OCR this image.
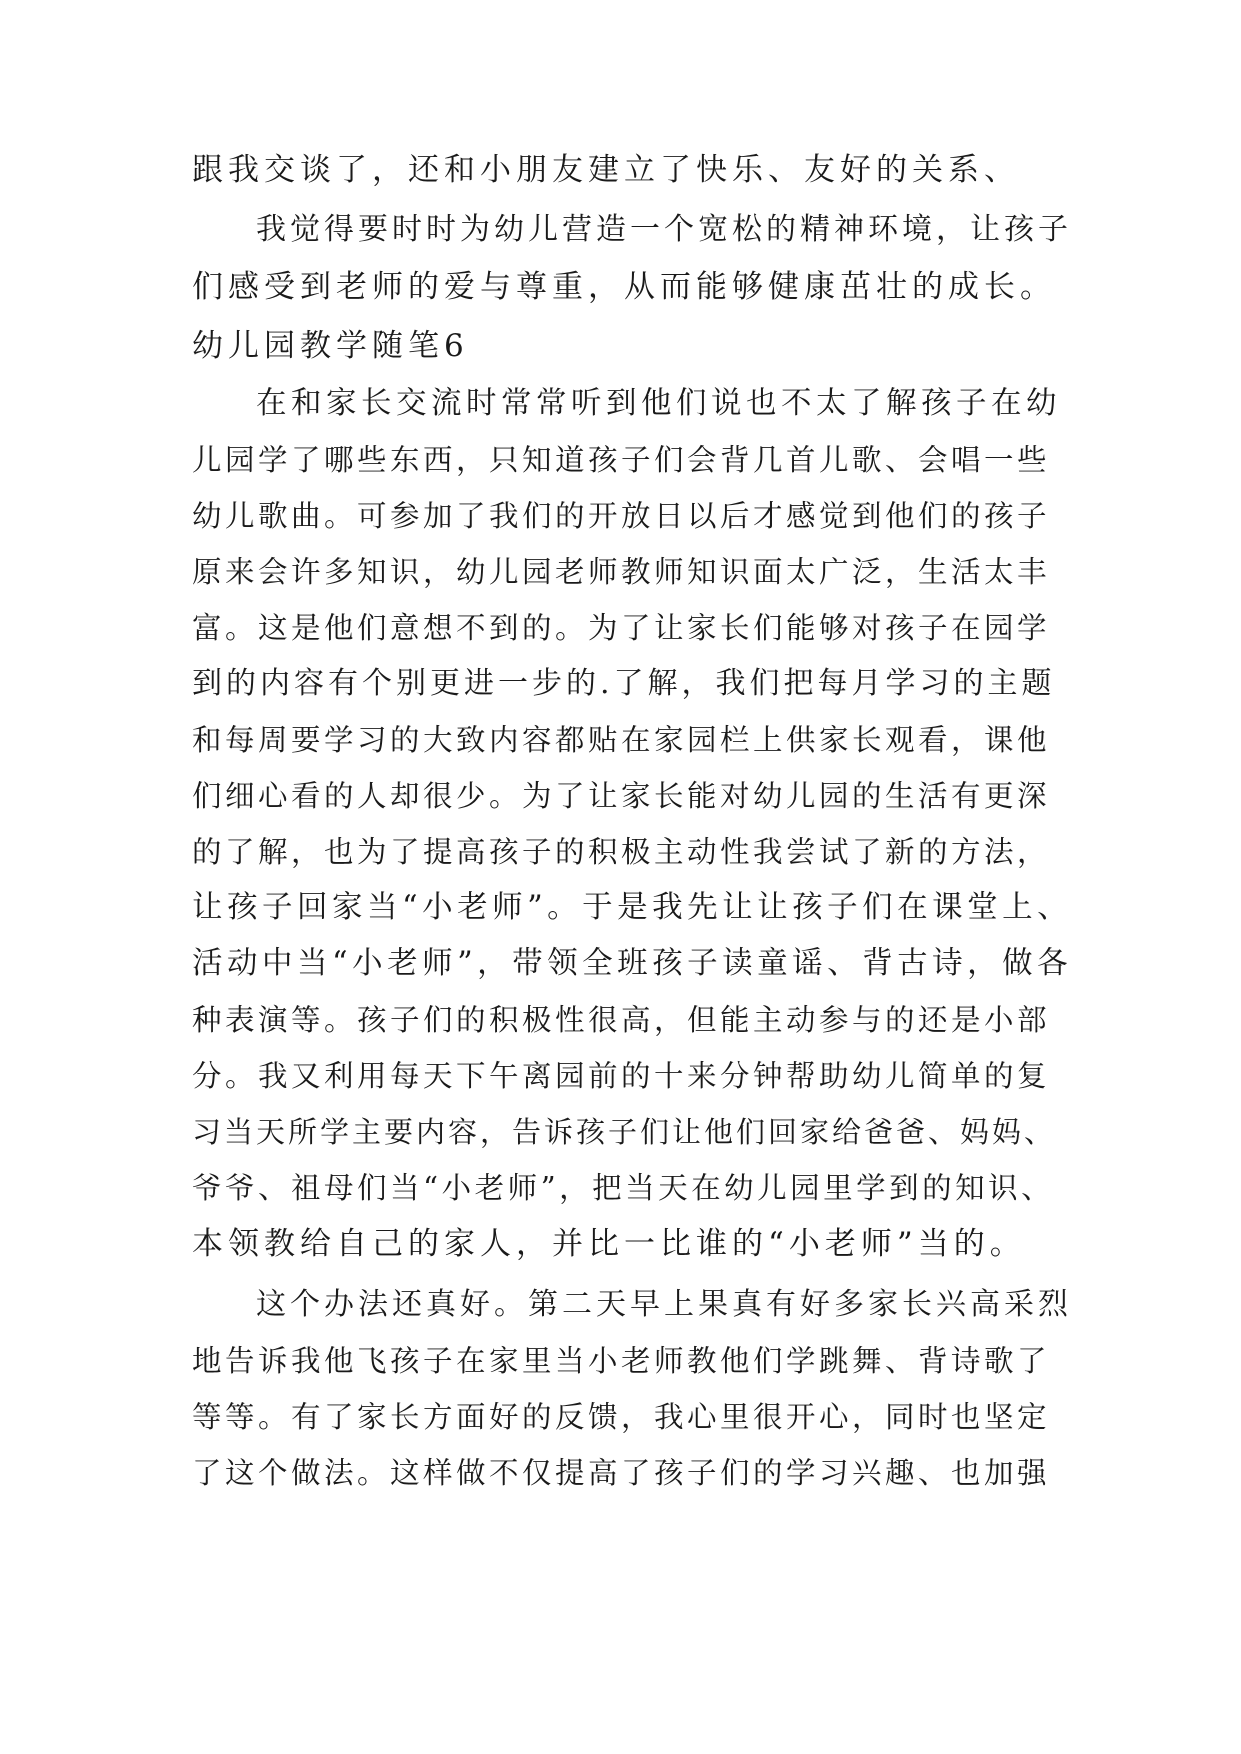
跟我交谈了，还和小朋友建立了快乐、友好的关系、
我觉得要时时为幼儿营造一个宽松的精神环境，让孩子
们感受到老师的爱与尊重，从而能够健康茁壮的成长。
幼儿园教学随笔6
在和家长交流时常常听到他们说也不太了解孩子在幼
儿园学了哪些东西，只知道孩子们会背几首儿歌、会唱一些
幼儿歌曲。可参加了我们的开放日以后才感觉到他们的孩子
原来会许多知识，幼儿园老师教师知识面太广泛，生活太丰
富。这是他们意想不到的。为了让家长们能够对孩子在园学
到的内容有个别更进一步的.了解，我们把每月学习的主题
和每周要学习的大致内容都贴在家园栏上供家长观看，课他
们细心看的人却很少。为了让家长能对幼儿园的生活有更深
的了解，也为了提高孩子的积极主动性我尝试了新的方法，
让孩子回家当“小老师”。于是我先让让孩子们在课堂上、
活动中当“小老师”，带领全班孩子读童谣、背古诗，做各
种表演等。孩子们的积极性很高，但能主动参与的还是小部
分。我又利用每天下午离园前的十来分钟帮助幼儿简单的复
习当天所学主要内容，告诉孩子们让他们回家给爸爸、妈妈、
爷爷、祖母们当“小老师”，把当天在幼儿园里学到的知识、
本领教给自己的家人，并比一比谁的“小老师”当的。
这个办法还真好。第二天早上果真有好多家长兴高采烈
地告诉我他飞孩子在家里当小老师教他们学跳舞、背诗歌了
等等。有了家长方面好的反馈，我心里很开心，同时也坚定
了这个做法。这样做不仅提高了孩子们的学习兴趣、也加强
